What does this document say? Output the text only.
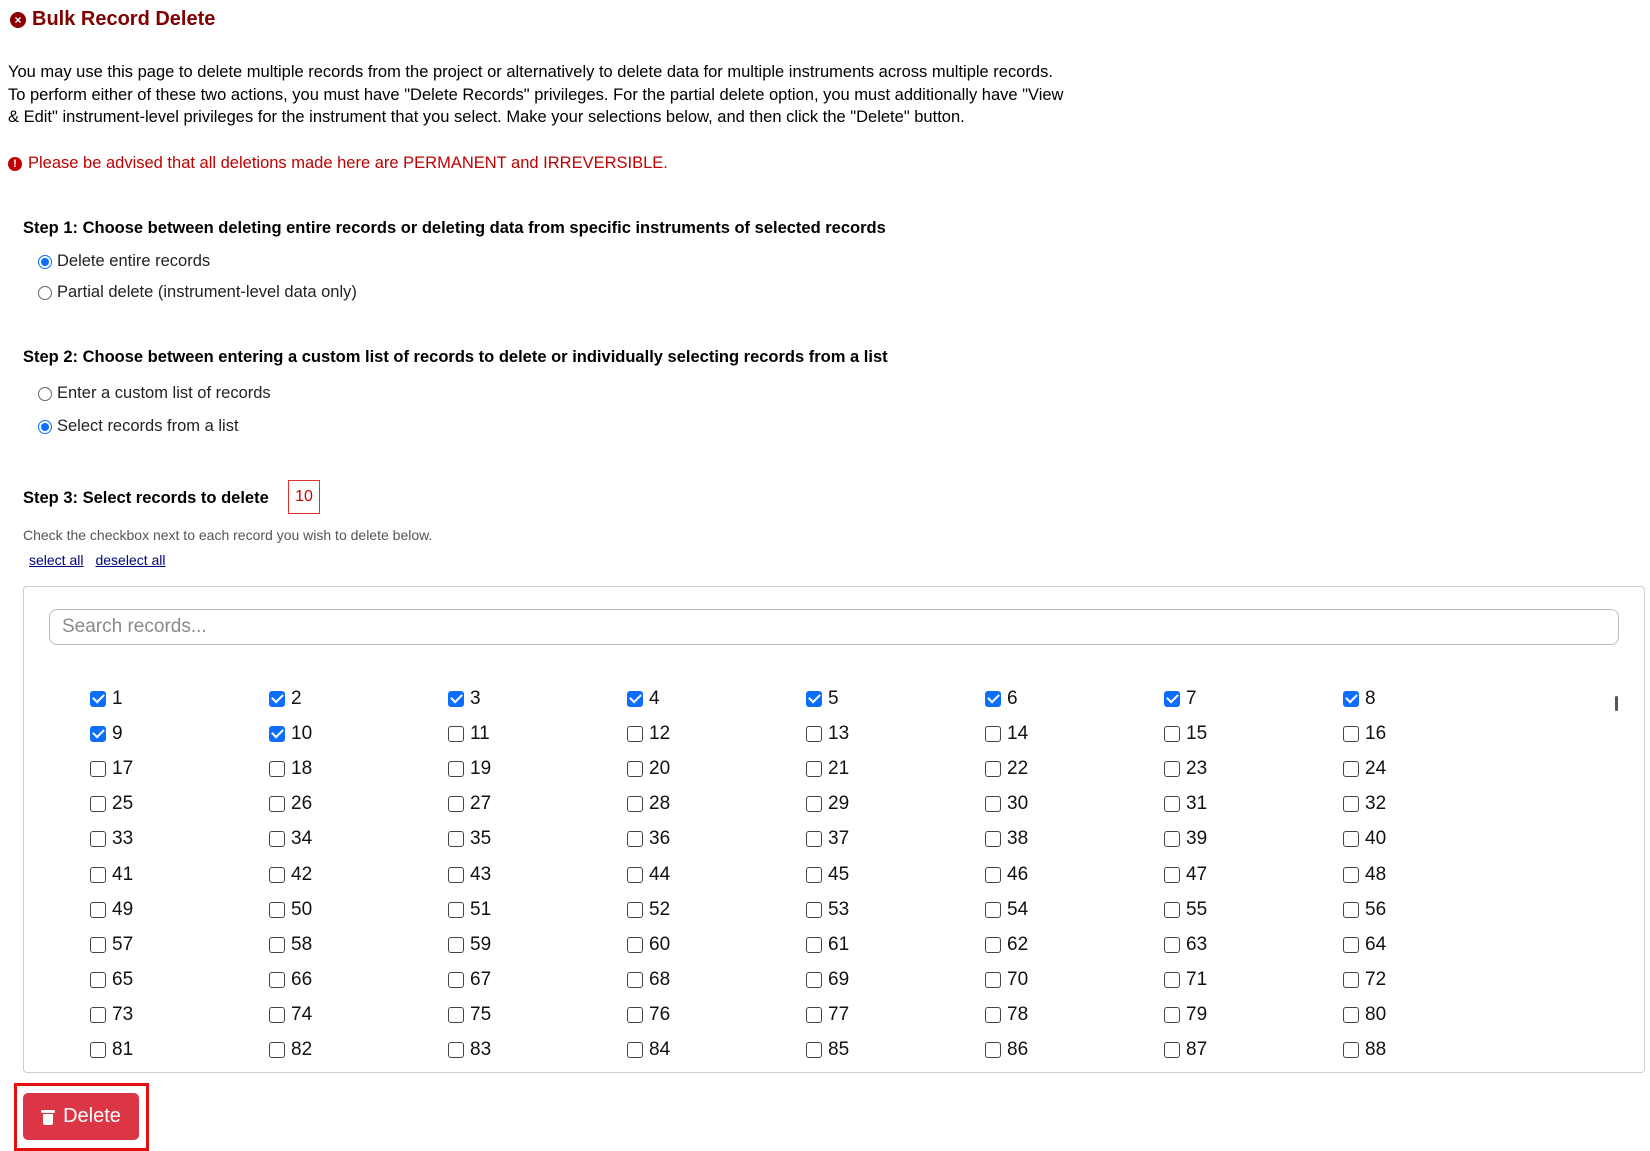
× Bulk Record Delete
You may use this page to delete multiple records from the project or alternatively to delete data for multiple instruments across multiple records. To perform either of these two actions, you must have "Delete Records" privileges. For the partial delete option, you must additionally have "View & Edit" instrument-level privileges for the instrument that you select. Make your selections below, and then click the "Delete" button.
! Please be advised that all deletions made here are PERMANENT and IRREVERSIBLE.
Step 1: Choose between deleting entire records or deleting data from specific instruments of selected records
Delete entire records
Partial delete (instrument-level data only)
Step 2: Choose between entering a custom list of records to delete or individually selecting records from a list
Enter a custom list of records
Select records from a list
Step 3: Select records to delete	10
Check the checkbox next to each record you wish to delete below.
select all deselect all
Search records...
1	2	3	4	5	6	7	8
9	10	11	12	13	14	15	16
17	18	19	20	21	22	23	24
25	26	27	28	29	30	31	32
33	34	35	36	37	38	39	40
41	42	43	44	45	46	47	48
49	50	51	52	53	54	55	56
57	58	59	60	61	62	63	64
65	66	67	68	69	70	71	72
73	74	75	76	77	78	79	80
81	82	83	84	85	86	87	88
Delete
